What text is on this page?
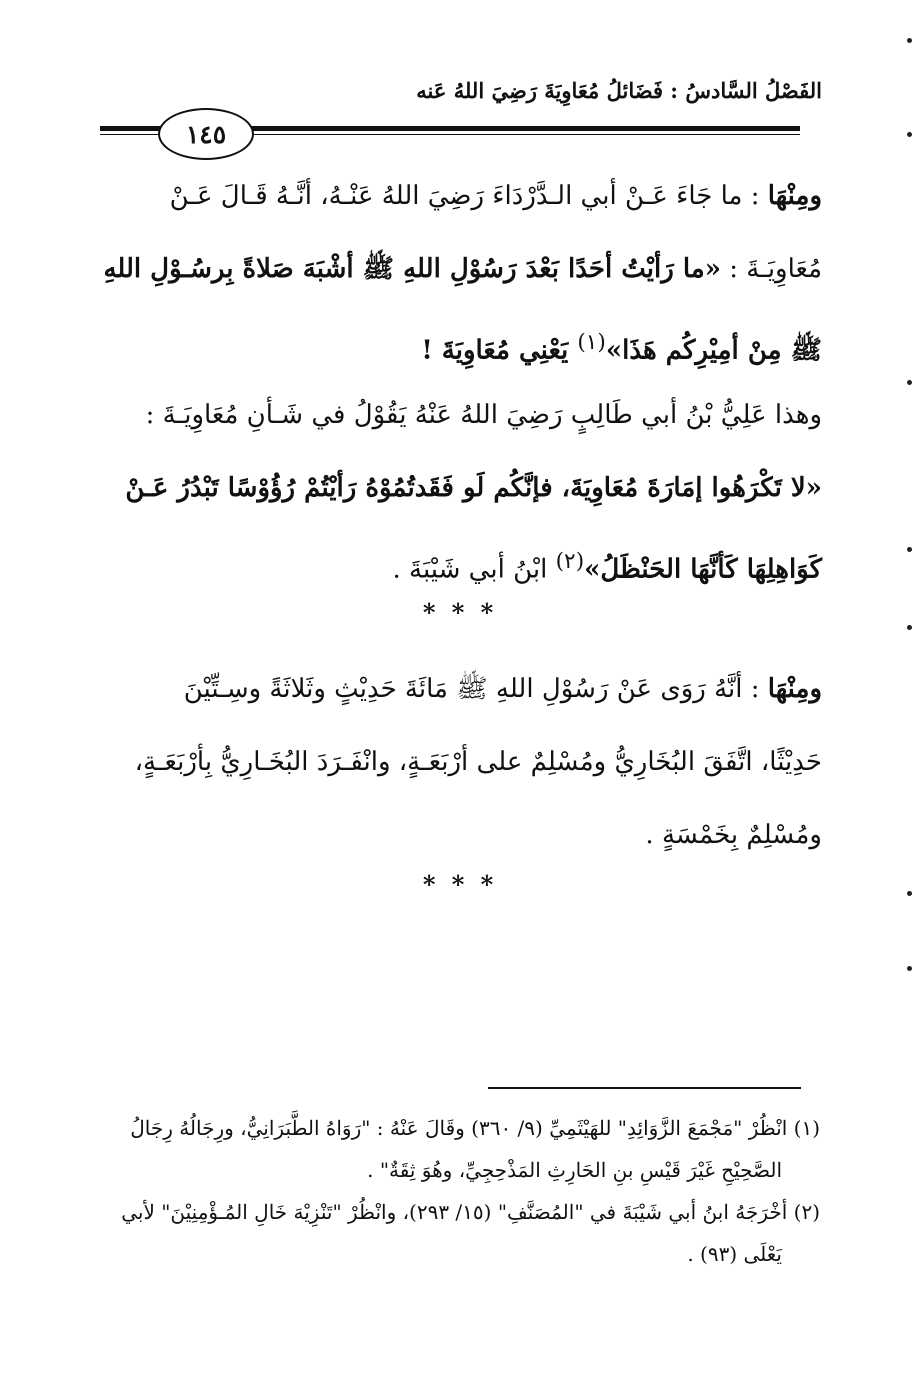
الفَصْلُ السَّادسُ : فَضَائلُ مُعَاوِيَةَ رَضِيَ اللهُ عَنه
١٤٥
ومِنْهَا : ما جَاءَ عَـنْ أبي الـدَّرْدَاءَ رَضِيَ اللهُ عَنْـهُ، أنَّـهُ قَـالَ عَـنْ
مُعَاوِيَـةَ : «ما رَأيْتُ أحَدًا بَعْدَ رَسُوْلِ اللهِ ﷺ أشْبَهَ صَلاةً بِرسُـوْلِ اللهِ
ﷺ مِنْ أمِيْرِكُم هَذَا»$^{(١)}$ يَعْنِي مُعَاوِيَةَ !
وهذا عَلِيُّ بْنُ أبي طَالِبٍ رَضِيَ اللهُ عَنْهُ يَقُوْلُ في شَـأنِ مُعَاوِيَـةَ :
«لا تَكْرَهُوا إمَارَةَ مُعَاوِيَةَ، فإنَّكُم لَو فَقَدتُمُوْهُ رَأيْتُمْ رُؤُوْسًا تَبْدُرُ عَـنْ
كَوَاهِلِهَا كَأنَّهَا الحَنْظَلُ»$^{(٢)}$ ابْنُ أبي شَيْبَةَ .
* * *
ومِنْهَا : أنَّهُ رَوَى عَنْ رَسُوْلِ اللهِ ﷺ مَائَةَ حَدِيْثٍ وثَلاثَةً وسِـتِّيْنَ
حَدِيْثًا، اتَّفَقَ البُخَارِيُّ ومُسْلِمٌ على أرْبَعَـةٍ، وانْفَـرَدَ البُخَـارِيُّ بِأرْبَعَـةٍ،
ومُسْلِمٌ بِخَمْسَةٍ .
* * *
(١) انْظُرْ "مَجْمَعَ الزَّوَائِدِ" للهَيْثَمِيِّ (٩/ ٣٦٠) وقَالَ عَنْهُ : "رَوَاهُ الطَّبَرَانِيُّ، ورِجَالُهُ رِجَالُ
الصَّحِيْحِ غَيْرَ قَيْسِ بنِ الحَارِثِ المَذْحِجِيِّ، وهُوَ ثِقَةٌ" .
(٢) أخْرَجَهُ ابنُ أبي شَيْبَةَ في "المُصَنَّفِ" (١٥/ ٢٩٣)، وانْظُرْ "تَنْزِيْهَ خَالِ المُـؤْمِنِيْنَ" لأبي
يَعْلَى (٩٣) .
